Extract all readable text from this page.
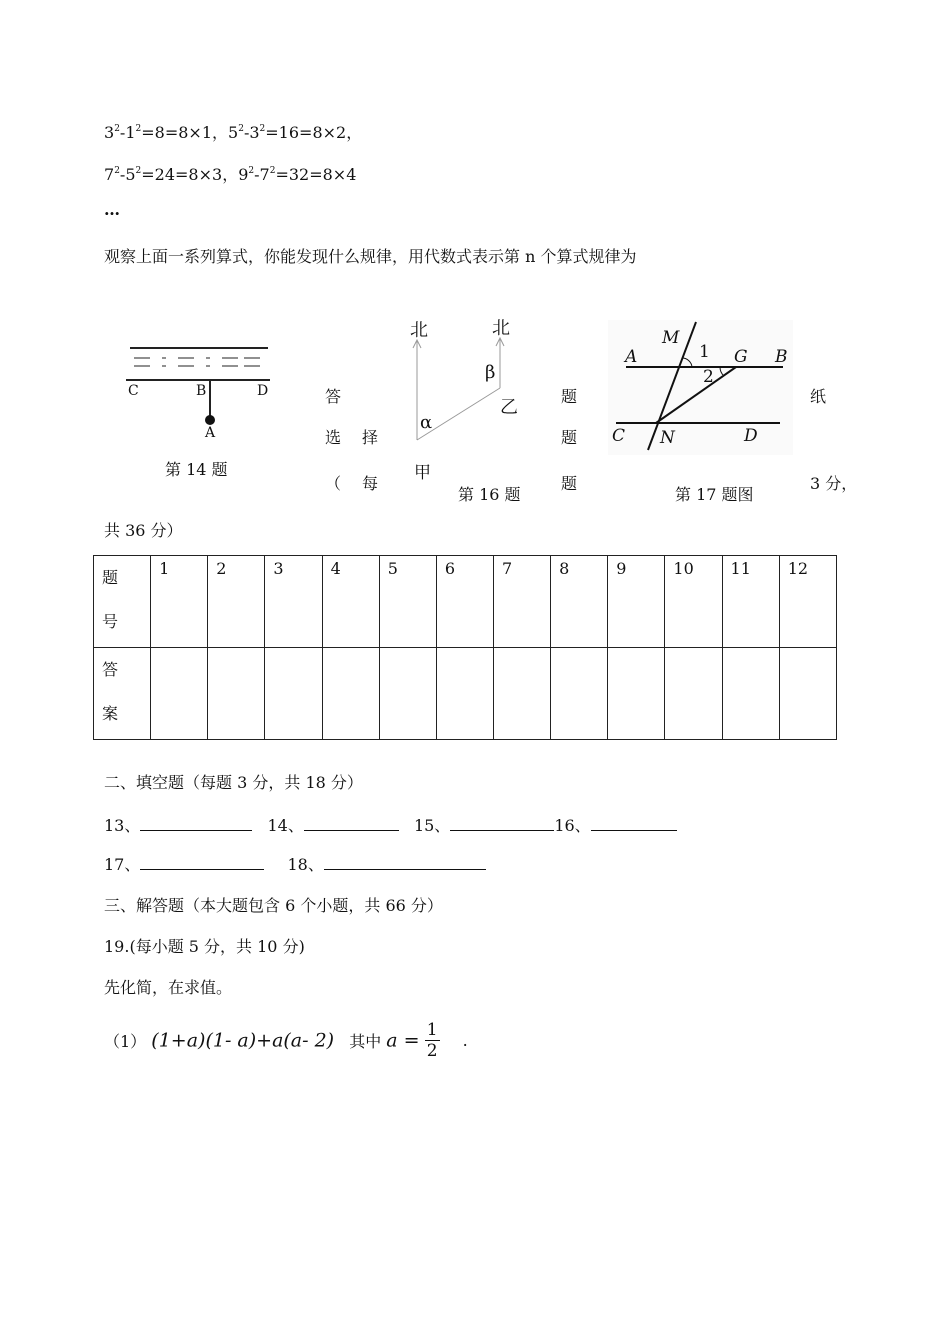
$3^2-1^2=8=8\times 1$，$5^2-3^2=16=8\times 2$，
$7^2-5^2=24=8\times 3$，$9^2-7^2=32=8\times 4$
…
观察上面一系列算式，你能发现什么规律，用代数式表示第 n 个算式规律为
C	B	D
A
第 14 题
北	北
β
α
乙
甲
第 16 题
M
A	1 G B
2
C N	D
第 17 题图
答
选 择
（ 每
题
题
题
纸
3 分，
共 36 分）
题
号	1	2	3	4	5	6	7	8	9	10	11	12
答
案												
二、填空题（每题 3 分，共 18 分）
13、	14、	15、	16、
17、	18、
三、解答题（本大题包含 6 个小题，共 66 分）
19.(每小题 5 分，共 10 分)
先化简，在求值。
（1） (1+a)(1- a)+a(a- 2) 其中 $a = \frac{1}{2}$ .
